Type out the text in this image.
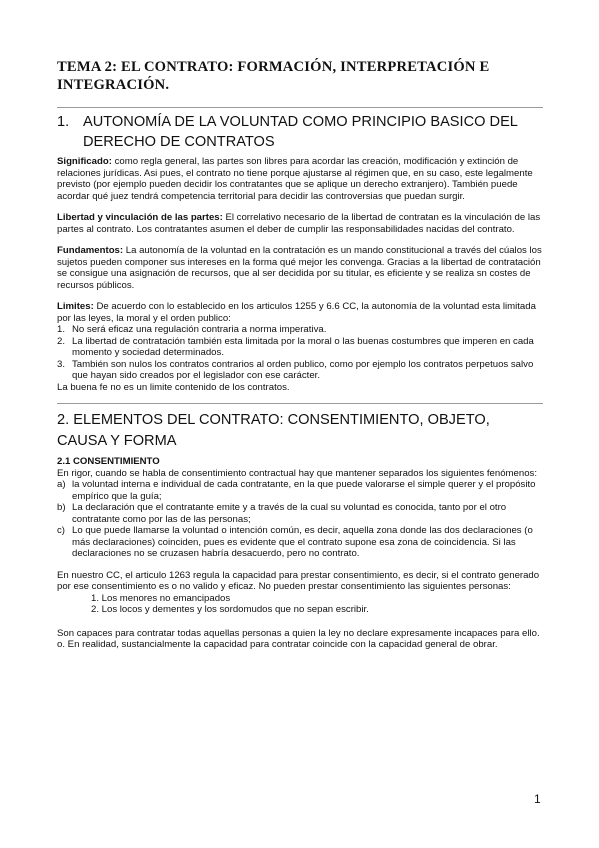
TEMA 2: EL CONTRATO: FORMACIÓN, INTERPRETACIÓN E INTEGRACIÓN.
1. AUTONOMÍA DE LA VOLUNTAD COMO PRINCIPIO BASICO DEL DERECHO DE CONTRATOS

Significado: como regla general, las partes son libres para acordar las creación, modificación y extinción de relaciones jurídicas. Asi pues, el contrato no tiene porque ajustarse al régimen que, en su caso, este legalmente previsto (por ejemplo pueden decidir los contratantes que se aplique un derecho extranjero). También puede acordar qué juez tendrá competencia territorial para decidir las controversias que puedan surgir.

Libertad y vinculación de las partes: El correlativo necesario de la libertad de contratan es la vinculación de las partes al contrato. Los contratantes asumen el deber de cumplir las responsabilidades nacidas del contrato.

Fundamentos: La autonomía de la voluntad en la contratación es un mando constitucional a través del cúalos los sujetos pueden componer sus intereses en la forma qué mejor les convenga. Gracias a la libertad de contratación se consigue una asignación de recursos, que al ser decidida por su titular, es eficiente y se realiza sn costes de recursos públicos.

Limites: De acuerdo con lo establecido en los articulos 1255 y 6.6 CC, la autonomía de la voluntad esta limitada por las leyes, la moral y el orden publico:

1. No será eficaz una regulación contraria a norma imperativa.
2. La libertad de contratación también esta limitada por la moral o las buenas costumbres que imperen en cada momento y sociedad determinados.
3. También son nulos los contratos contrarios al orden publico, como por ejemplo los contratos perpetuos salvo que hayan sido creados por el legislador con ese carácter.

La buena fe no es un limite contenido de los contratos.

2. ELEMENTOS DEL CONTRATO: CONSENTIMIENTO, OBJETO, CAUSA Y FORMA

2.1 CONSENTIMIENTO

En rigor, cuando se habla de consentimiento contractual hay que mantener separados los siguientes fenómenos:

a) la voluntad interna e individual de cada contratante, en la que puede valorarse el simple querer y el propósito empírico que la guía;
b) La declaración que el contratante emite y a través de la cual su voluntad es conocida, tanto por el otro contratante como por las de las personas;
c) Lo que puede llamarse la voluntad o intención común, es decir, aquella zona donde las dos declaraciones (o más declaraciones) coinciden, pues es evidente que el contrato supone esa zona de coincidencia. Si las declaraciones no se cruzasen habría desacuerdo, pero no contrato.

En nuestro CC, el articulo 1263 regula la capacidad para prestar consentimiento, es decir, si el contrato generado por ese consentimiento es o no valido y eficaz. No pueden prestar consentimiento las siguientes personas:

1. Los menores no emancipados
2. Los locos y dementes y los sordomudos que no sepan escribir.

Son capaces para contratar todas aquellas personas a quien la ley no declare expresamente incapaces para ello. o. En realidad, sustancialmente la capacidad para contratar coincide con la capacidad general de obrar.

1
